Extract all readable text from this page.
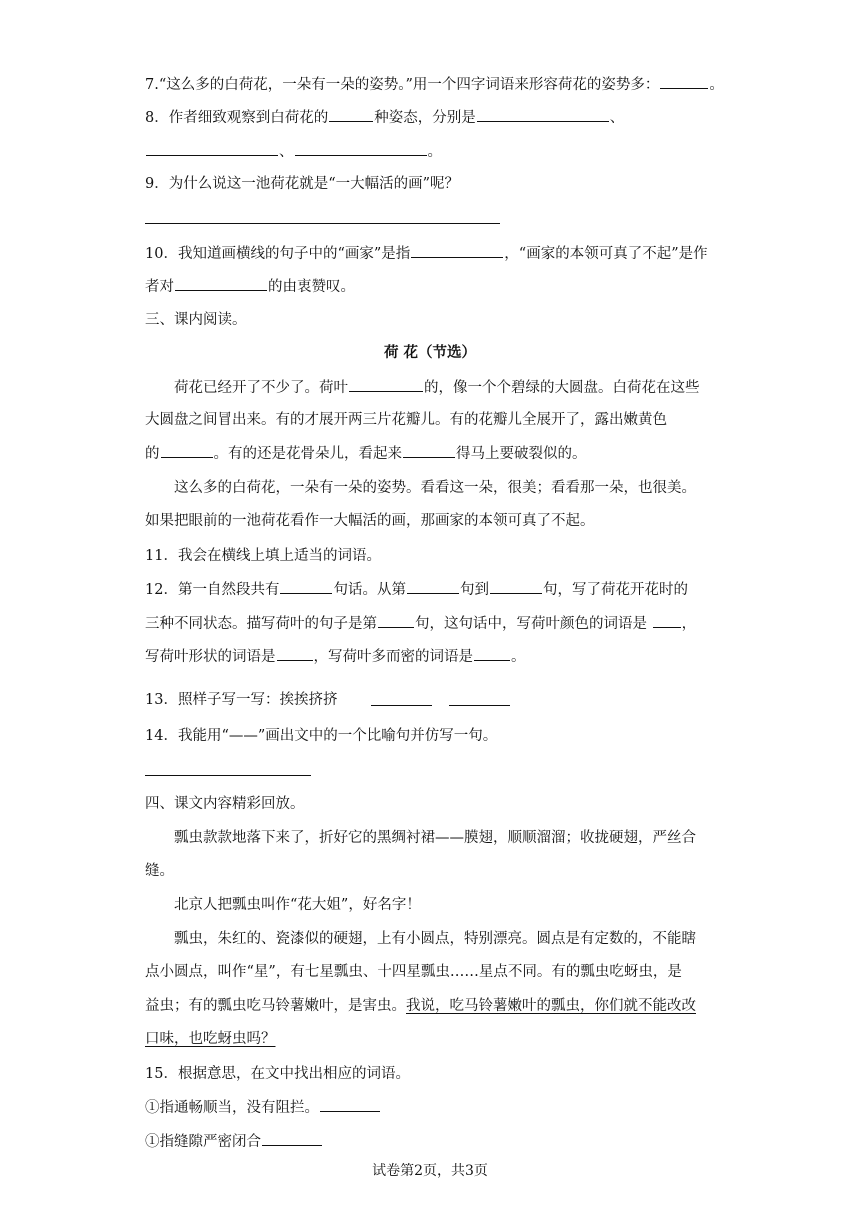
7.“这么多的白荷花，一朵有一朵的姿势。”用一个四字词语来形容荷花的姿势多：	。
8．作者细致观察到白荷花的	种姿态，分别是	、
、	。
9．为什么说这一池荷花就是“一大幅活的画”呢？
10．我知道画横线的句子中的“画家”是指	，“画家的本领可真了不起”是作
者对	的由衷赞叹。
三、课内阅读。
荷 花（节选）
荷花已经开了不少了。荷叶	的，像一个个碧绿的大圆盘。白荷花在这些
大圆盘之间冒出来。有的才展开两三片花瓣儿。有的花瓣儿全展开了，露出嫩黄色
的	。有的还是花骨朵儿，看起来	得马上要破裂似的。
这么多的白荷花，一朵有一朵的姿势。看看这一朵，很美；看看那一朵，也很美。
如果把眼前的一池荷花看作一大幅活的画，那画家的本领可真了不起。
11．我会在横线上填上适当的词语。
12．第一自然段共有	句话。从第	句到	句，写了荷花开花时的
三种不同状态。描写荷叶的句子是第	句，这句话中，写荷叶颜色的词语是 ，
写荷叶形状的词语是	，写荷叶多而密的词语是	。
13．照样子写一写：挨挨挤挤
14．我能用“——”画出文中的一个比喻句并仿写一句。
四、课文内容精彩回放。
瓢虫款款地落下来了，折好它的黑绸衬裙——膜翅，顺顺溜溜；收拢硬翅，严丝合
缝。
北京人把瓢虫叫作“花大姐”，好名字！
瓢虫，朱红的、瓷漆似的硬翅，上有小圆点，特别漂亮。圆点是有定数的，不能瞎
点小圆点，叫作“星”，有七星瓢虫、十四星瓢虫……星点不同。有的瓢虫吃蚜虫，是
益虫；有的瓢虫吃马铃薯嫩叶，是害虫。我说，吃马铃薯嫩叶的瓢虫，你们就不能改改
口味，也吃蚜虫吗？
15．根据意思，在文中找出相应的词语。
①指通畅顺当，没有阻拦。
①指缝隙严密闭合
试卷第2页，共3页
